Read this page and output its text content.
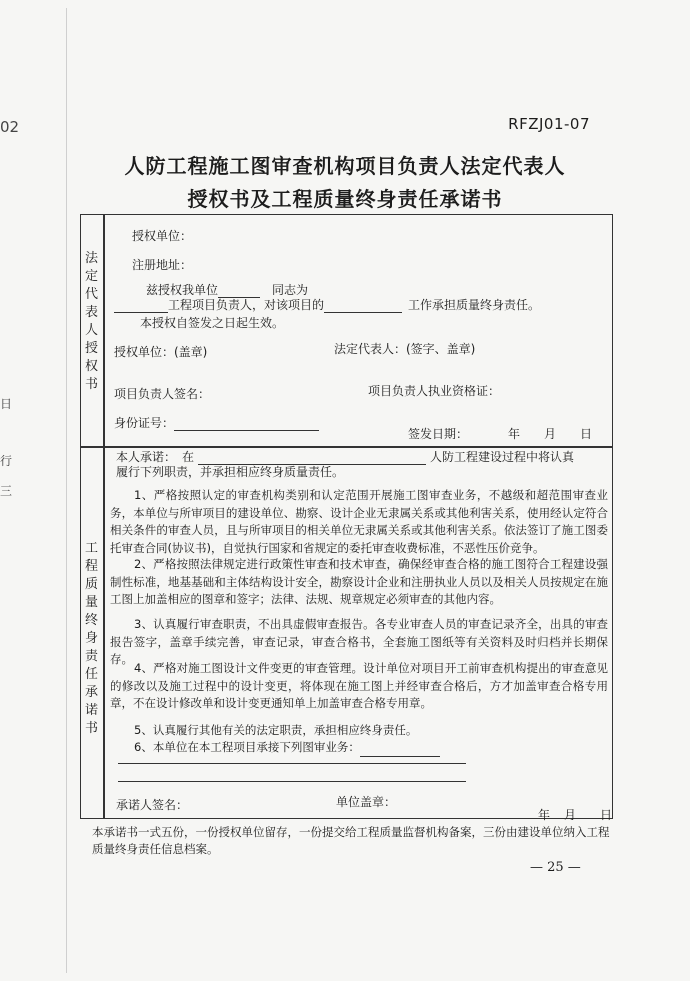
02
日
行
三
RFZJ01-07
人防工程施工图审查机构项目负责人法定代表人
授权书及工程质量终身责任承诺书
法
定
代
表
人
授
权
书
授权单位：
注册地址：
兹授权我单位	同志为
工程项目负责人，对该项目的	工作承担质量终身责任。
本授权自签发之日起生效。
授权单位：(盖章)	法定代表人：(签字、盖章)
项目负责人签名：	项目负责人执业资格证：
身份证号：
签发日期：	年 月 日
工
程
质
量
终
身
责
任
承
诺
书
本人承诺： 在	人防工程建设过程中将认真
履行下列职责，并承担相应终身质量责任。
1、严格按照认定的审查机构类别和认定范围开展施工图审查业务，不越级和超范围审查业务，本单位与所审项目的建设单位、勘察、设计企业无隶属关系或其他利害关系，使用经认定符合相关条件的审查人员，且与所审项目的相关单位无隶属关系或其他利害关系。依法签订了施工图委托审查合同(协议书)，自觉执行国家和省规定的委托审查收费标准，不恶性压价竞争。
2、严格按照法律规定进行政策性审查和技术审查，确保经审查合格的施工图符合工程建设强制性标准，地基基础和主体结构设计安全，勘察设计企业和注册执业人员以及相关人员按规定在施工图上加盖相应的图章和签字；法律、法规、规章规定必须审查的其他内容。
3、认真履行审查职责，不出具虚假审查报告。各专业审查人员的审查记录齐全，出具的审查报告签字，盖章手续完善，审查记录，审查合格书，全套施工图纸等有关资料及时归档并长期保存。
4、严格对施工图设计文件变更的审查管理。设计单位对项目开工前审查机构提出的审查意见的修改以及施工过程中的设计变更，将体现在施工图上并经审查合格后，方才加盖审查合格专用章，不在设计修改单和设计变更通知单上加盖审查合格专用章。
5、认真履行其他有关的法定职责，承担相应终身责任。
6、本单位在本工程项目承接下列图审业务：
承诺人签名：	单位盖章：
年 月 日
本承诺书一式五份，一份授权单位留存，一份提交给工程质量监督机构备案，三份由建设单位纳入工程质量终身责任信息档案。
— 25 —
